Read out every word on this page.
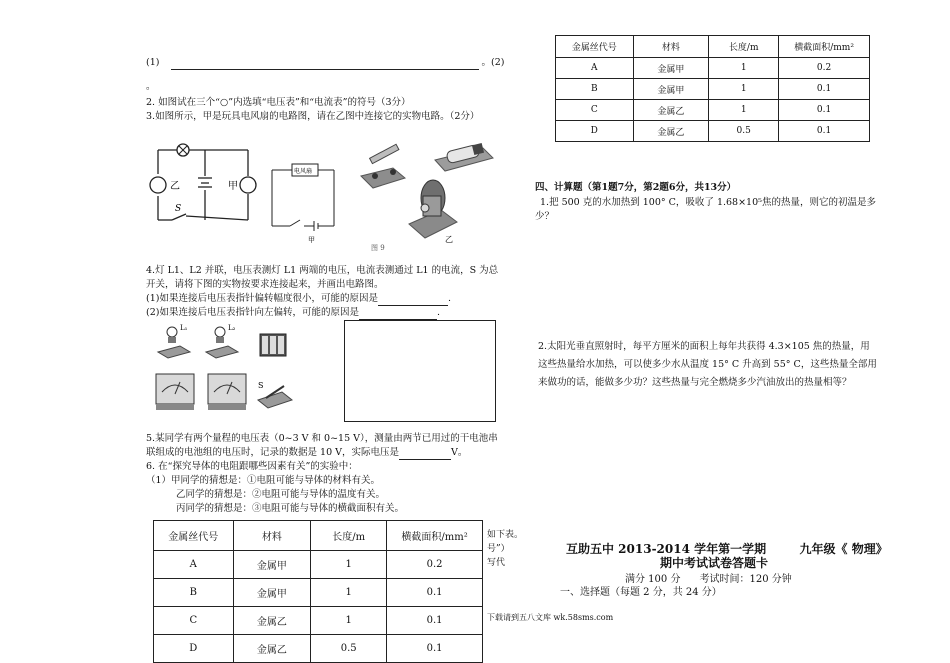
(1)	。(2)
。
2. 如图试在三个“○”内选填“电压表”和“电流表”的符号（3分）
3.如图所示，甲是玩具电风扇的电路图，请在乙图中连接它的实物电路。（2分）
乙	甲
S
电风扇
甲	乙
图 9
4.灯 L1、L2 并联，电压表测灯 L1 两端的电压，电流表测通过 L1 的电流，S 为总
开关，请将下图的实物按要求连接起来，并画出电路图。
(1)如果连接后电压表指针偏转幅度很小，可能的原因是	.
(2)如果连接后电压表指针向左偏转，可能的原因是	.
L₁	L₂
S
5.某同学有两个量程的电压表（0~3 V 和 0~15 V），测量由两节已用过的干电池串
联组成的电池组的电压时，记录的数据是 10 V，实际电压是	V。
6. 在“探究导体的电阻跟哪些因素有关”的实验中：
（1）甲同学的猜想是：①电阻可能与导体的材料有关。
乙同学的猜想是：②电阻可能与导体的温度有关。
丙同学的猜想是：③电阻可能与导体的横截面积有关。
金属丝代号	材料	长度/m	横截面积/mm²
A	金属甲	1	0.2
B	金属甲	1	0.1
C	金属乙	1	0.1
D	金属乙	0.5	0.1
如下表。
号”）
写代
下载请到五八文库 wk.58sms.com
金属丝代号	材料	长度/m	横截面积/mm²
A	金属甲	1	0.2
B	金属甲	1	0.1
C	金属乙	1	0.1
D	金属乙	0.5	0.1
四、计算题（第1题7分，第2题6分，共13分）
1.把 500 克的水加热到 100° C，吸收了 1.68×10⁵焦的热量，则它的初温是多
少？
2.太阳光垂直照射时，每平方厘米的面积上每年共获得 4.3×105 焦的热量，用
这些热量给水加热，可以使多少水从温度 15° C 升高到 55° C，这些热量全部用
来做功的话，能做多少功？这些热量与完全燃烧多少汽油放出的热量相等？
互助五中 2013-2014 学年第一学期        九年级《 物理》
期中考试试卷答题卡
满分 100 分      考试时间：120 分钟
一、选择题（每题 2 分，共 24 分）
